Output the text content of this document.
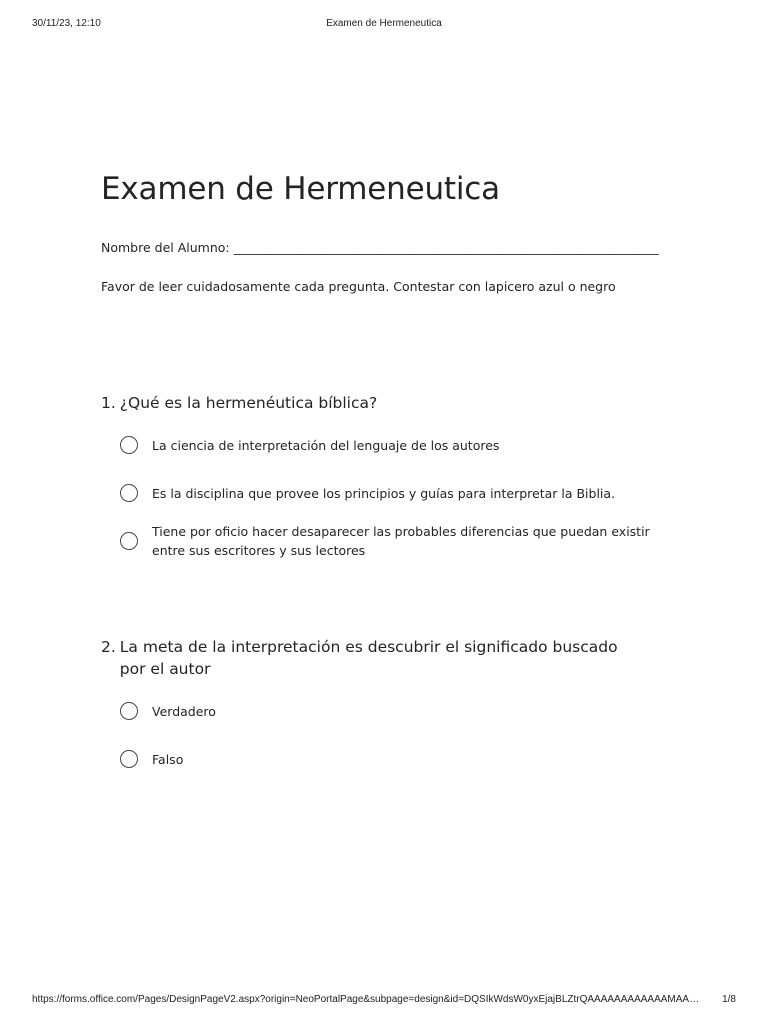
30/11/23, 12:10	Examen de Hermeneutica
Examen de Hermeneutica
Nombre del Alumno: ____________________________________________________________________
Favor de leer cuidadosamente cada pregunta. Contestar con lapicero azul o negro
1. ¿Qué es la hermenéutica bíblica?
La ciencia de interpretación del lenguaje de los autores
Es la disciplina que provee los principios y guías para interpretar la Biblia.
Tiene por oficio hacer desaparecer las probables diferencias que puedan existir entre sus escritores y sus lectores
2. La meta de la interpretación es descubrir el significado buscado por el autor
Verdadero
Falso
https://forms.office.com/Pages/DesignPageV2.aspx?origin=NeoPortalPage&subpage=design&id=DQSIkWdsW0yxEjajBLZtrQAAAAAAAAAAAAMAA…	1/8
